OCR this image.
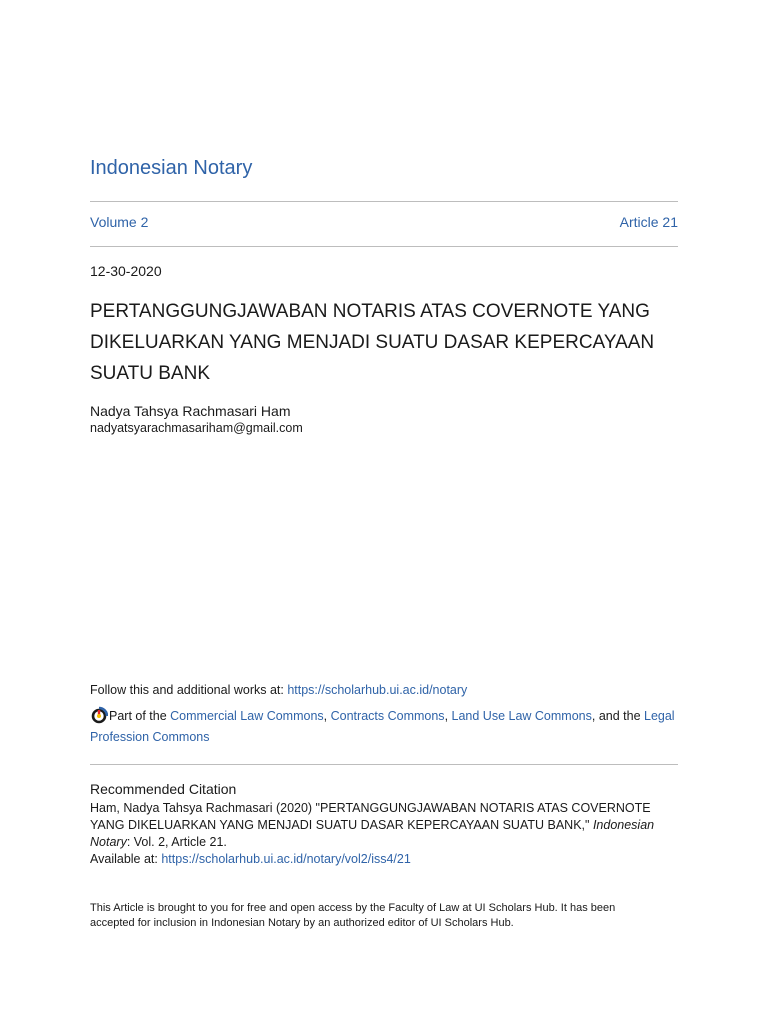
Indonesian Notary
Volume 2	Article 21
12-30-2020
PERTANGGUNGJAWABAN NOTARIS ATAS COVERNOTE YANG
DIKELUARKAN YANG MENJADI SUATU DASAR KEPERCAYAAN
SUATU BANK
Nadya Tahsya Rachmasari Ham
nadyatsyarachmasariham@gmail.com
Follow this and additional works at: https://scholarhub.ui.ac.id/notary
Part of the Commercial Law Commons, Contracts Commons, Land Use Law Commons, and the Legal Profession Commons
Recommended Citation
Ham, Nadya Tahsya Rachmasari (2020) "PERTANGGUNGJAWABAN NOTARIS ATAS COVERNOTE YANG DIKELUARKAN YANG MENJADI SUATU DASAR KEPERCAYAAN SUATU BANK," Indonesian Notary: Vol. 2, Article 21.
Available at: https://scholarhub.ui.ac.id/notary/vol2/iss4/21
This Article is brought to you for free and open access by the Faculty of Law at UI Scholars Hub. It has been accepted for inclusion in Indonesian Notary by an authorized editor of UI Scholars Hub.
